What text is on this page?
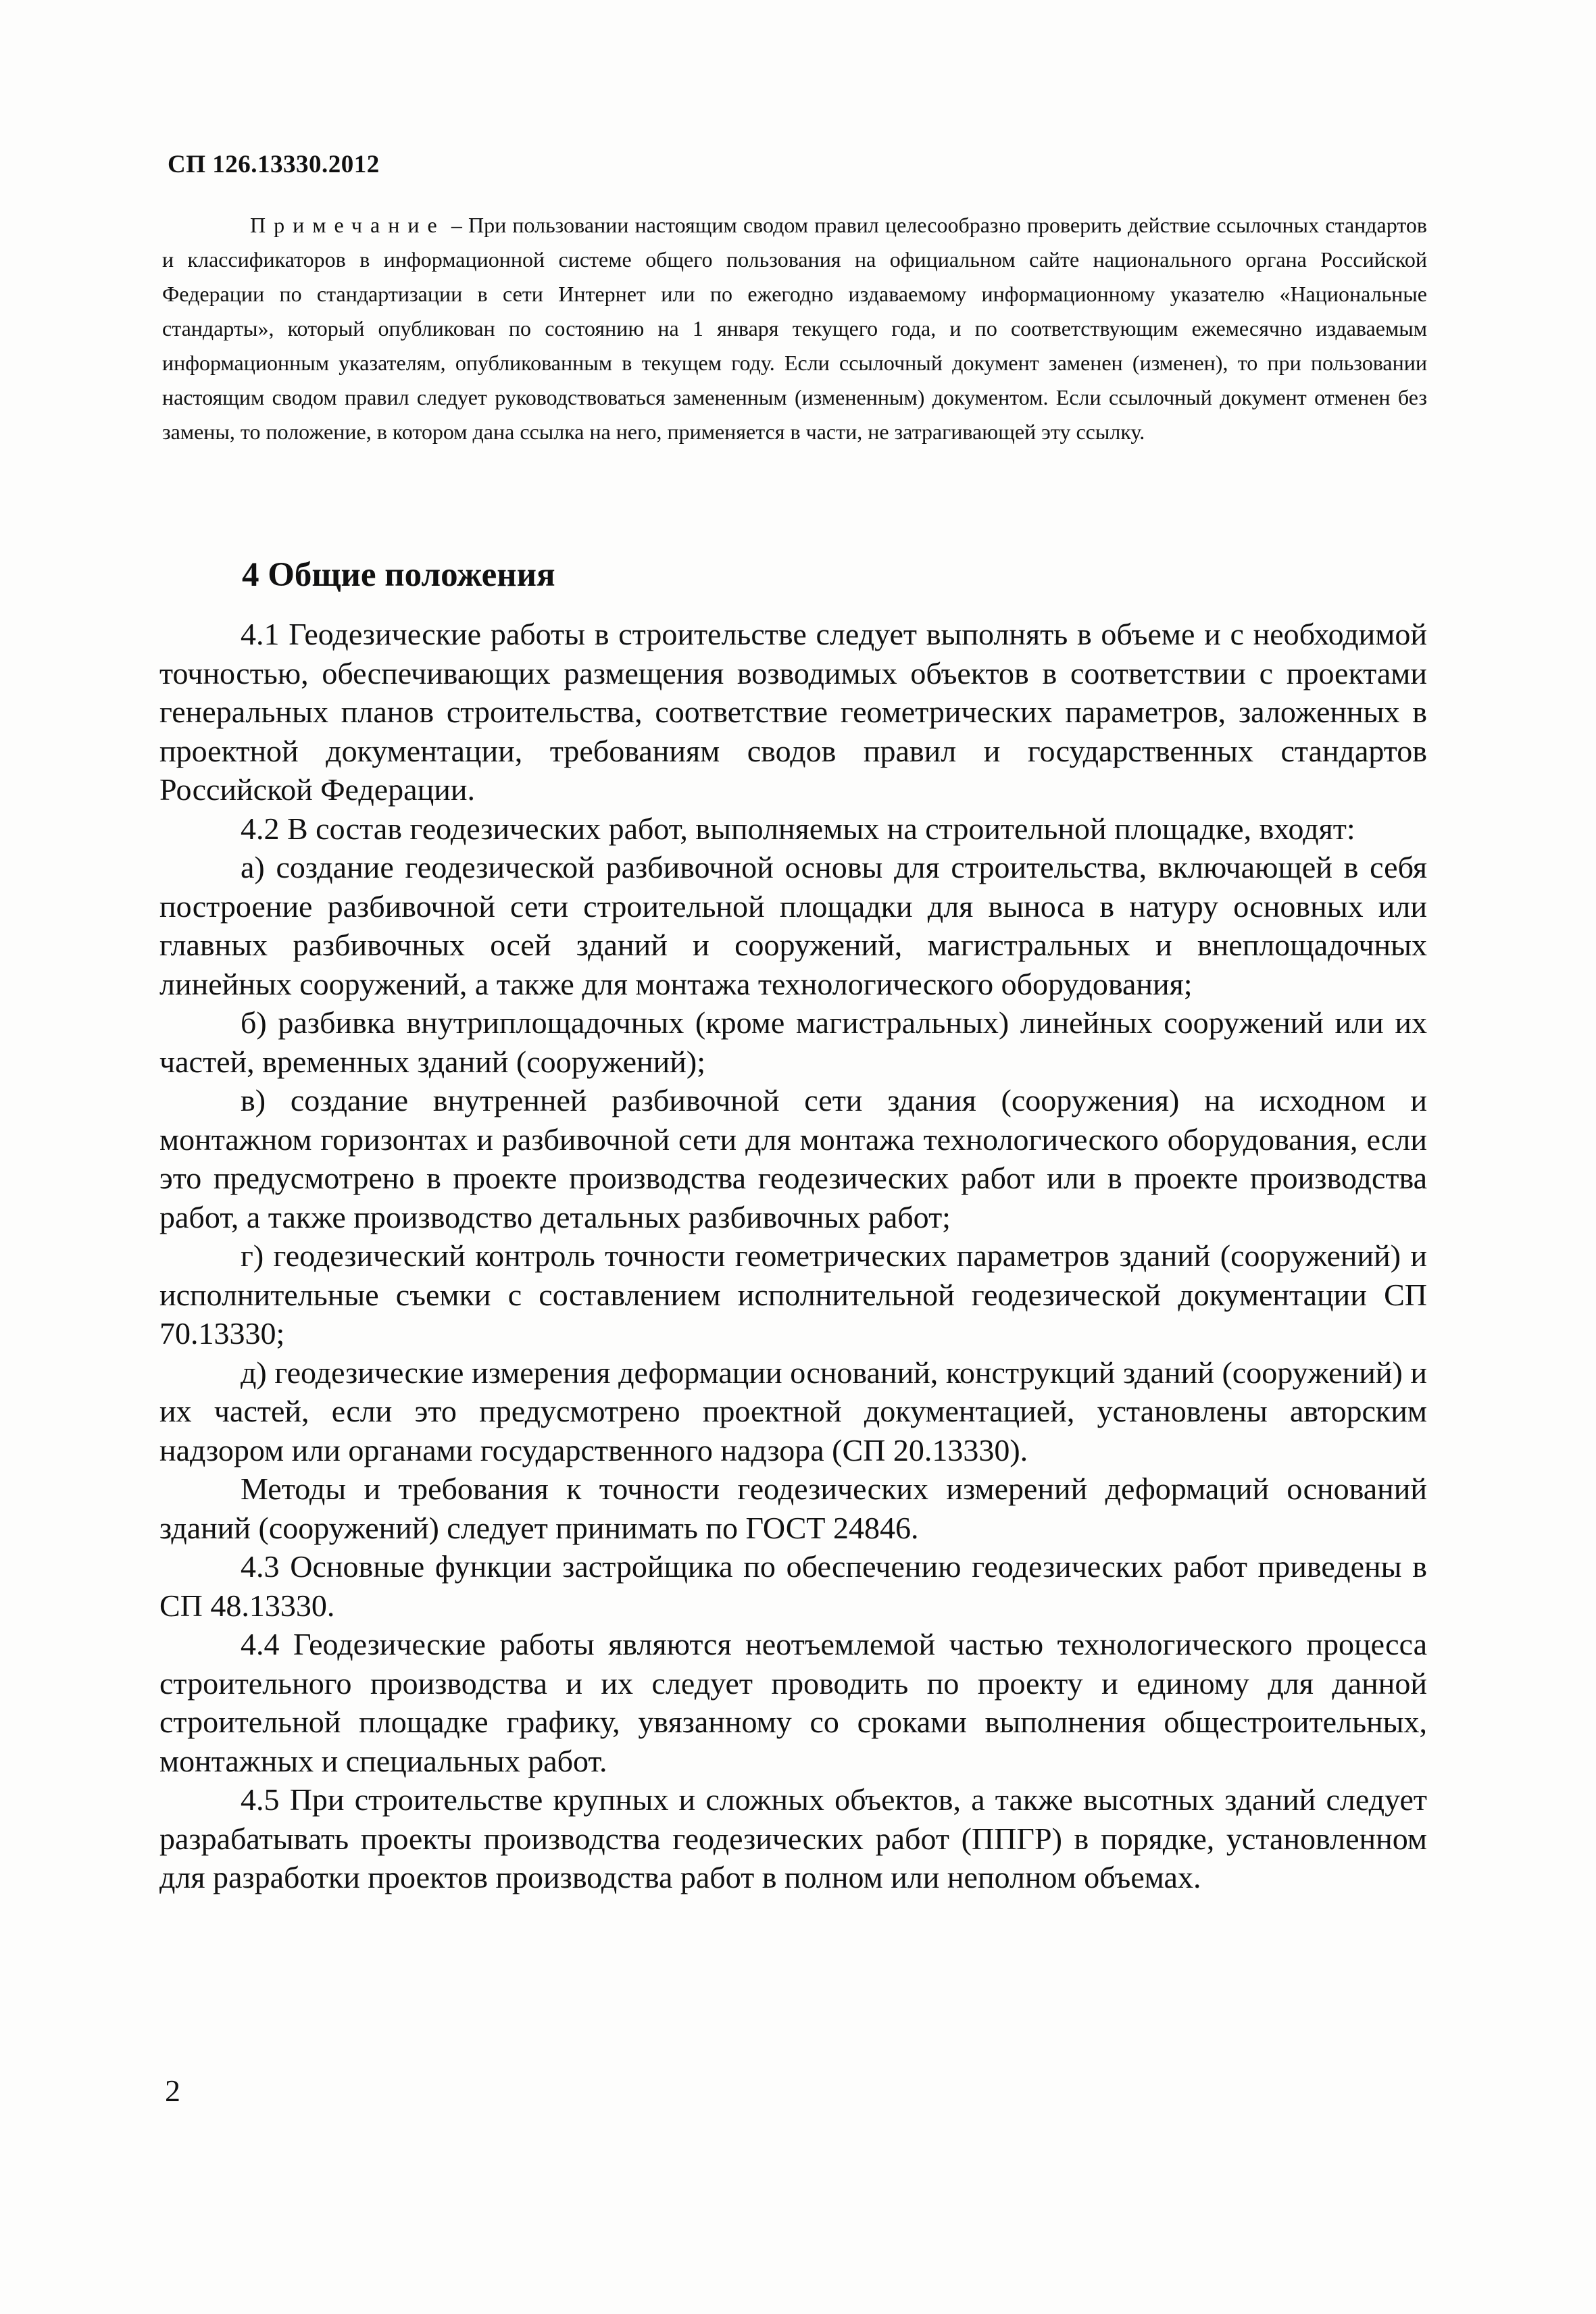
СП 126.13330.2012
Примечание – При пользовании настоящим сводом правил целесообразно проверить действие ссылочных стандартов и классификаторов в информационной системе общего пользования на официальном сайте национального органа Российской Федерации по стандартизации в сети Интернет или по ежегодно издаваемому информационному указателю «Национальные стандарты», который опубликован по состоянию на 1 января текущего года, и по соответствующим ежемесячно издаваемым информационным указателям, опубликованным в текущем году. Если ссылочный документ заменен (изменен), то при пользовании настоящим сводом правил следует руководствоваться замененным (измененным) документом. Если ссылочный документ отменен без замены, то положение, в котором дана ссылка на него, применяется в части, не затрагивающей эту ссылку.
4 Общие положения

4.1 Геодезические работы в строительстве следует выполнять в объеме и с необходимой точностью, обеспечивающих размещения возводимых объектов в соответствии с проектами генеральных планов строительства, соответствие геометрических параметров, заложенных в проектной документации, требованиям сводов правил и государственных стандартов Российской Федерации.

4.2 В состав геодезических работ, выполняемых на строительной площадке, входят:

а) создание геодезической разбивочной основы для строительства, включающей в себя построение разбивочной сети строительной площадки для выноса в натуру основных или главных разбивочных осей зданий и сооружений, магистральных и внеплощадочных линейных сооружений, а также для монтажа технологического оборудования;

б) разбивка внутриплощадочных (кроме магистральных) линейных сооружений или их частей, временных зданий (сооружений);

в) создание внутренней разбивочной сети здания (сооружения) на исходном и монтажном горизонтах и разбивочной сети для монтажа технологического оборудования, если это предусмотрено в проекте производства геодезических работ или в проекте производства работ, а также производство детальных разбивочных работ;

г) геодезический контроль точности геометрических параметров зданий (сооружений) и исполнительные съемки с составлением исполнительной геодезической документации СП 70.13330;

д) геодезические измерения деформации оснований, конструкций зданий (сооружений) и их частей, если это предусмотрено проектной документацией, установлены авторским надзором или органами государственного надзора (СП 20.13330).

Методы и требования к точности геодезических измерений деформаций оснований зданий (сооружений) следует принимать по ГОСТ 24846.

4.3 Основные функции застройщика по обеспечению геодезических работ приведены в СП 48.13330.

4.4 Геодезические работы являются неотъемлемой частью технологического процесса строительного производства и их следует проводить по проекту и единому для данной строительной площадке графику, увязанному со сроками выполнения общестроительных, монтажных и специальных работ.

4.5 При строительстве крупных и сложных объектов, а также высотных зданий следует разрабатывать проекты производства геодезических работ (ППГР) в порядке, установленном для разработки проектов производства работ в полном или неполном объемах.

2
